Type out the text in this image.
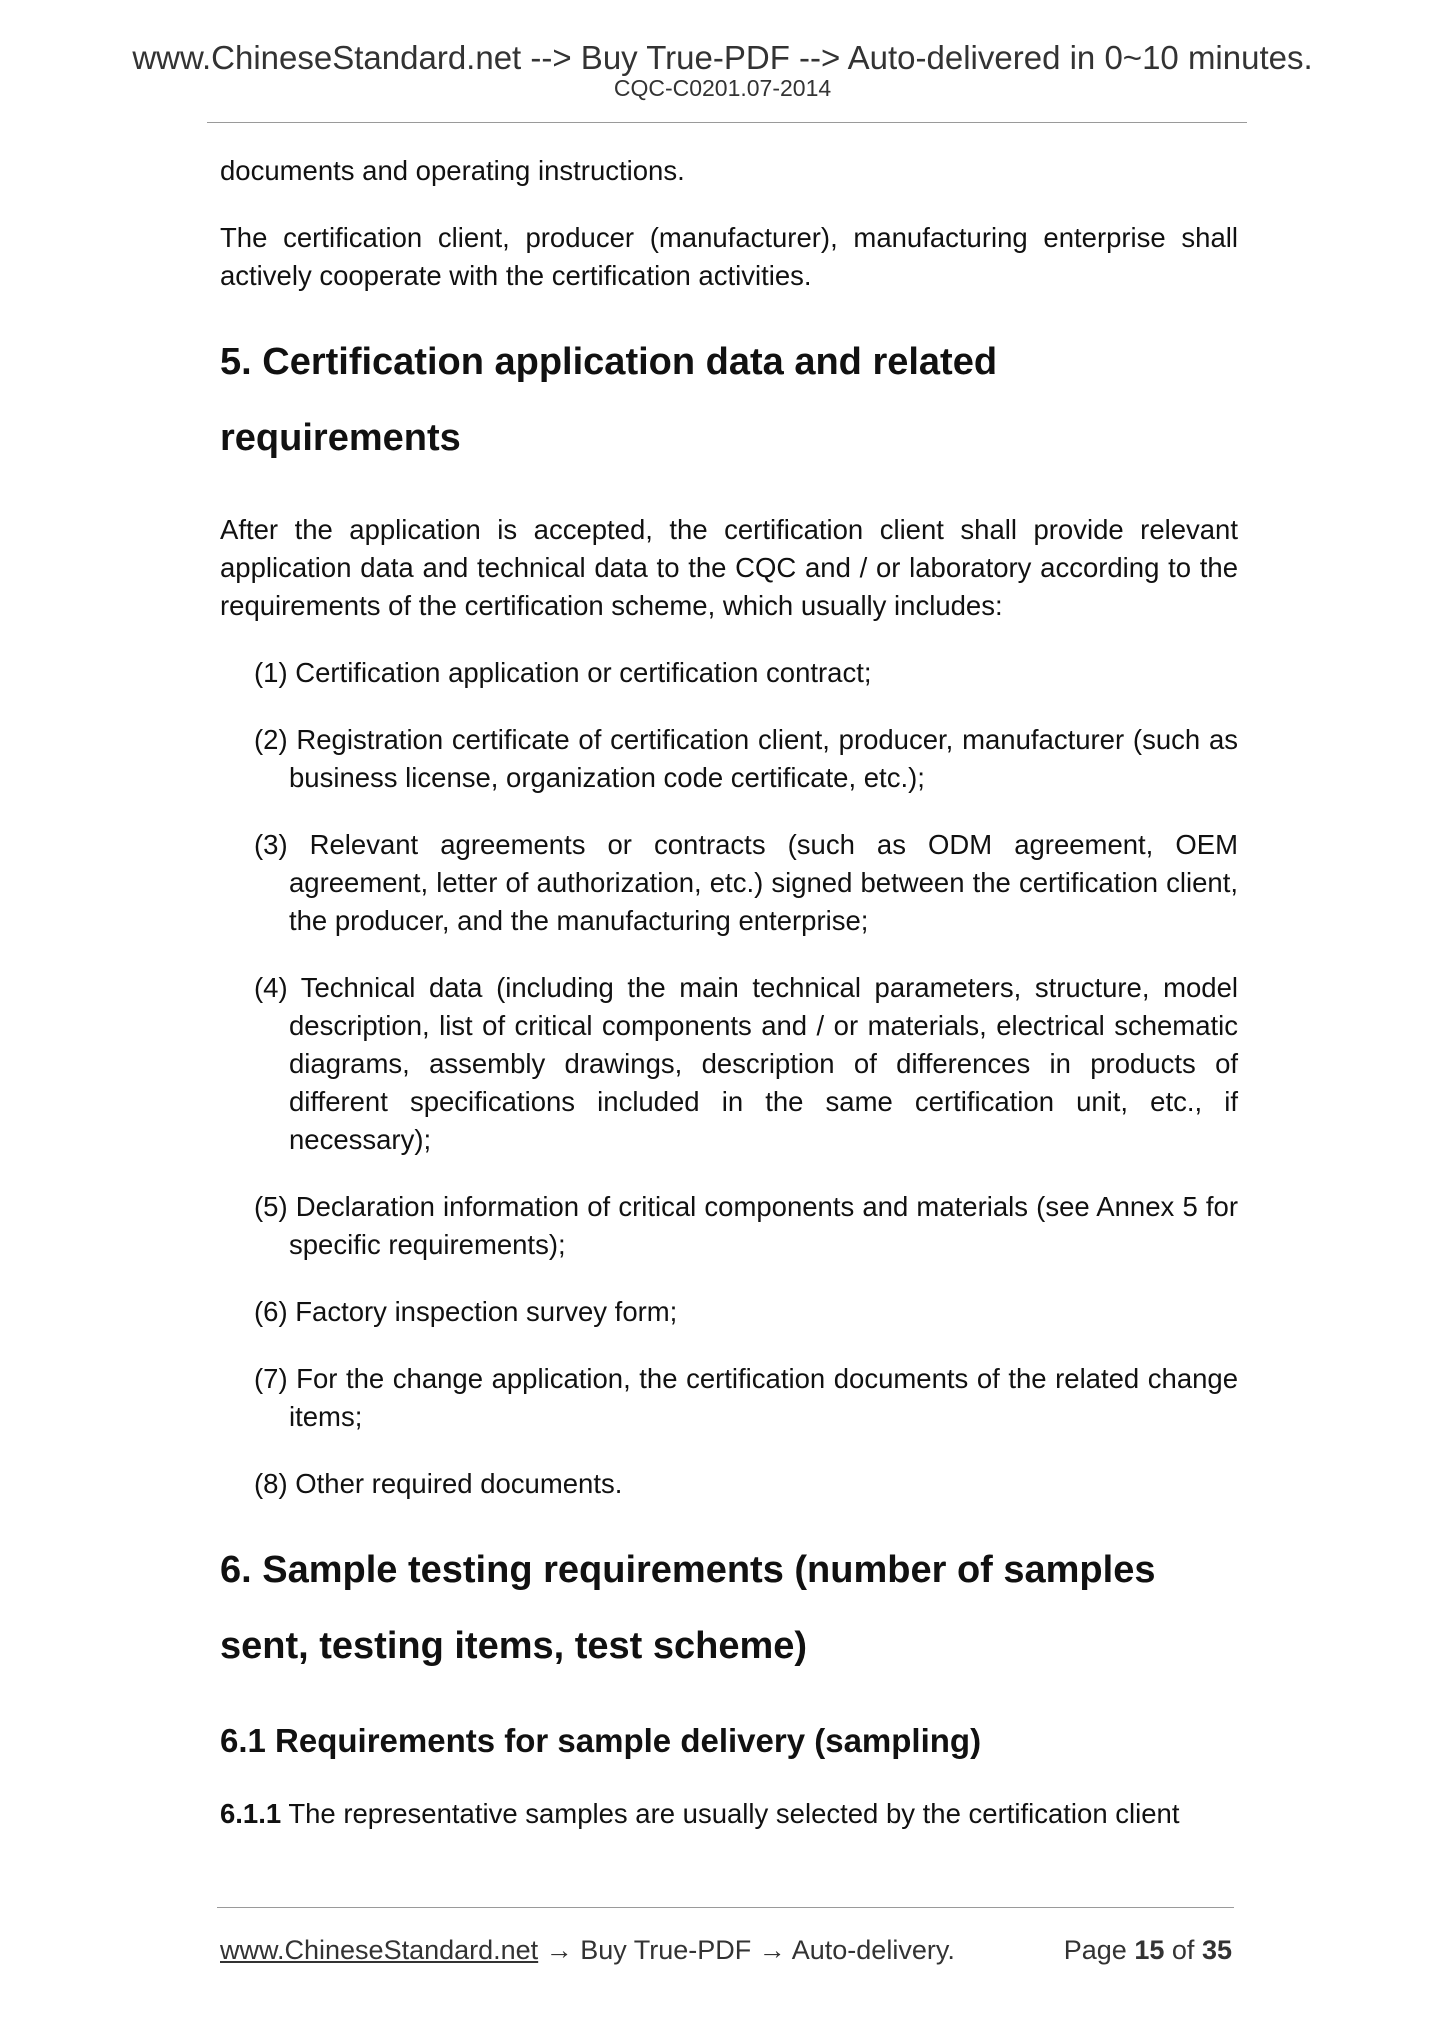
www.ChineseStandard.net --> Buy True-PDF --> Auto-delivered in 0~10 minutes.
CQC-C0201.07-2014

documents and operating instructions.

The certification client, producer (manufacturer), manufacturing enterprise shall actively cooperate with the certification activities.

5. Certification application data and related requirements

After the application is accepted, the certification client shall provide relevant application data and technical data to the CQC and / or laboratory according to the requirements of the certification scheme, which usually includes:

(1) Certification application or certification contract;
(2) Registration certificate of certification client, producer, manufacturer (such as business license, organization code certificate, etc.);
(3) Relevant agreements or contracts (such as ODM agreement, OEM agreement, letter of authorization, etc.) signed between the certification client, the producer, and the manufacturing enterprise;
(4) Technical data (including the main technical parameters, structure, model description, list of critical components and / or materials, electrical schematic diagrams, assembly drawings, description of differences in products of different specifications included in the same certification unit, etc., if necessary);
(5) Declaration information of critical components and materials (see Annex 5 for specific requirements);
(6) Factory inspection survey form;
(7) For the change application, the certification documents of the related change items;
(8) Other required documents.
6. Sample testing requirements (number of samples sent, testing items, test scheme)
6.1 Requirements for sample delivery (sampling)

6.1.1 The representative samples are usually selected by the certification client

www.ChineseStandard.net → Buy True-PDF → Auto-delivery.	Page 15 of 35
